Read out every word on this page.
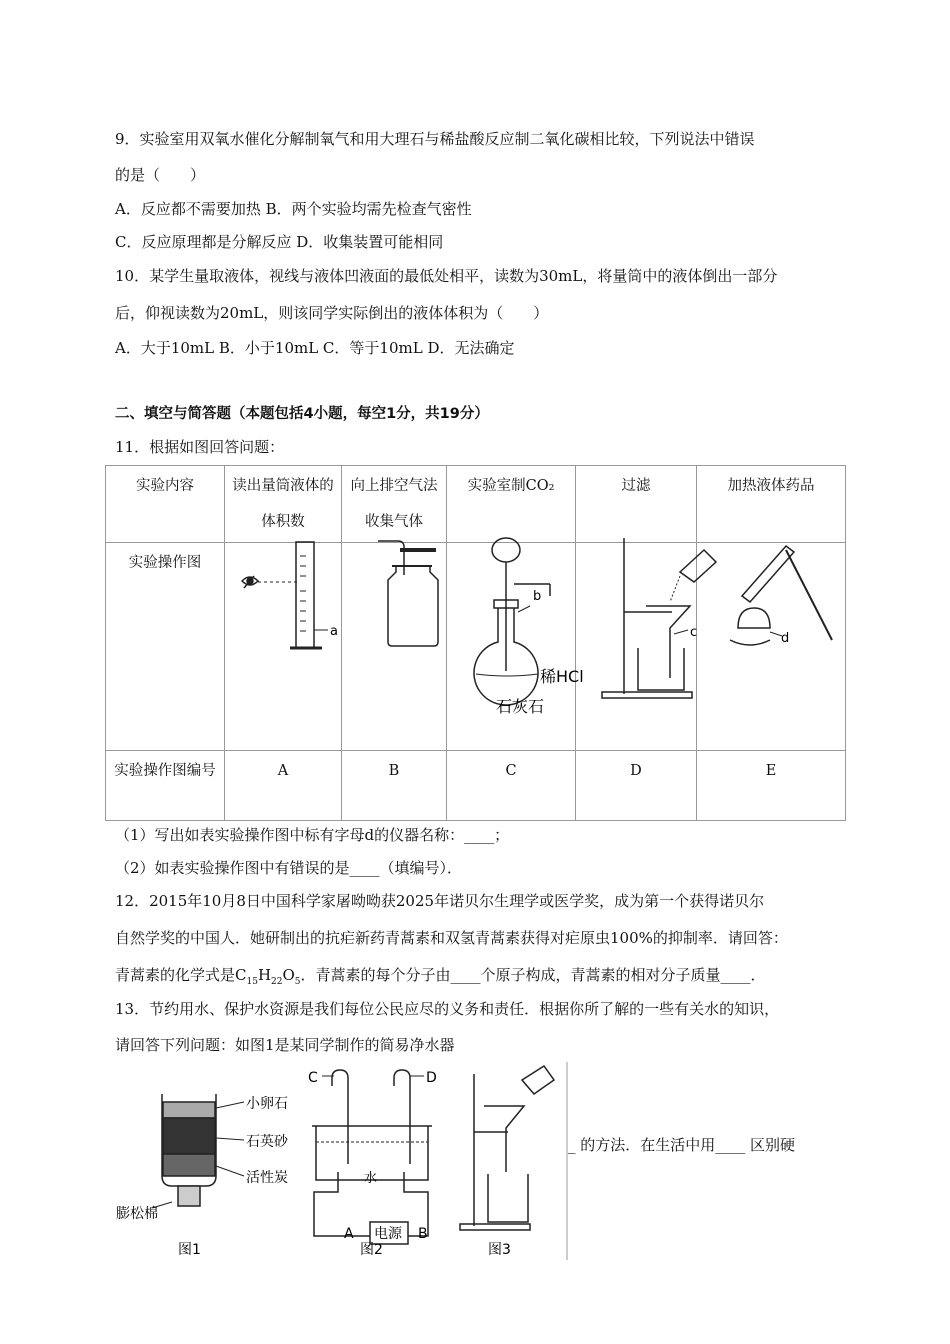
9．实验室用双氧水催化分解制氧气和用大理石与稀盐酸反应制二氧化碳相比较，下列说法中错误
的是（　　）
A．反应都不需要加热 B．两个实验均需先检查气密性
C．反应原理都是分解反应 D．收集装置可能相同
10．某学生量取液体，视线与液体凹液面的最低处相平，读数为30mL，将量筒中的液体倒出一部分
后，仰视读数为20mL，则该同学实际倒出的液体体积为（　　）
A．大于10mL B．小于10mL C．等于10mL D．无法确定
二、填空与简答题（本题包括4小题，每空1分，共19分）
11．根据如图回答问题：
实验内容	读出量筒液体的体积数	向上排空气法收集气体	实验室制CO₂	过滤	加热液体药品
实验操作图					
实验操作图编号	A	B	C	D	E
a
b
稀HCl
石灰石
c	d
（1）写出如表实验操作图中标有字母d的仪器名称：____；
（2）如表实验操作图中有错误的是____（填编号）．
12．2015年10月8日中国科学家屠呦呦获2025年诺贝尔生理学或医学奖，成为第一个获得诺贝尔
自然学奖的中国人．她研制出的抗疟新药青蒿素和双氢青蒿素获得对疟原虫100%的抑制率．请回答：
青蒿素的化学式是$C_{15}H_{22}O_5$．青蒿素的每个分子由____个原子构成，青蒿素的相对分子质量____．
13．节约用水、保护水资源是我们每位公民应尽的义务和责任．根据你所了解的一些有关水的知识，
请回答下列问题：如图1是某同学制作的简易净水器
小卵石
石英砂
活性炭
膨松棉
图1
C	D
水
A	B
电源
图2	图3
_ 的方法．在生活中用____ 区别硬
